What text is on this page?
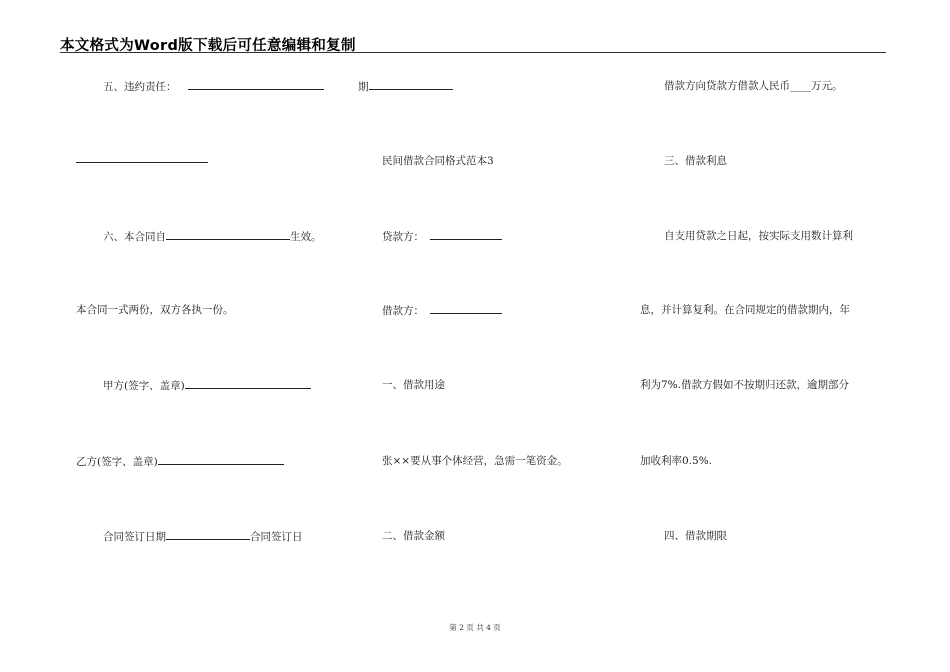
本文格式为Word版下载后可任意编辑和复制
五、违约责任：
六、本合同自	生效。
本合同一式两份，双方各执一份。
甲方(签字、盖章)
乙方(签字、盖章)
合同签订日期	合同签订日
期
民间借款合同格式范本3
贷款方：
借款方：
一、借款用途
张××要从事个体经营，急需一笔资金。
二、借款金额
借款方向贷款方借款人民币____万元。
三、借款利息
自支用贷款之日起，按实际支用数计算利
息，并计算复利。在合同规定的借款期内，年
利为7%.借款方假如不按期归还款，逾期部分
加收利率0.5%.
四、借款期限
第 2 页 共 4 页
